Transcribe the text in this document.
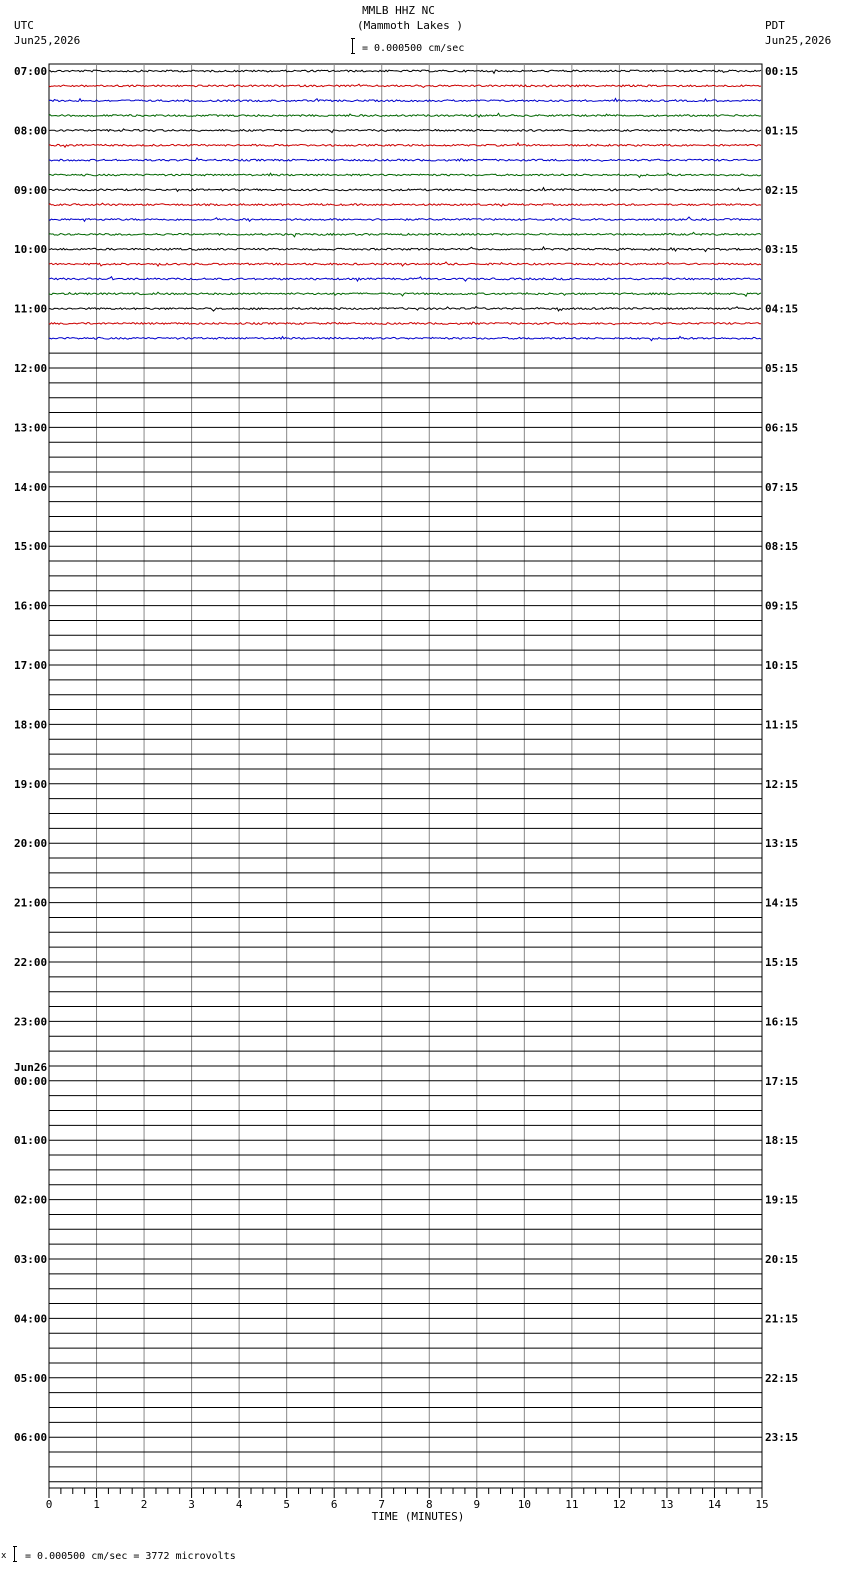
MMLB HHZ NC
(Mammoth Lakes )
UTC
Jun25,2026
PDT
Jun25,2026
= 0.000500 cm/sec
07:00
08:00
09:00
10:00
11:00
12:00
13:00
14:00
15:00
16:00
17:00
18:00
19:00
20:00
21:00
22:00
23:00
00:00
01:00
02:00
03:00
04:00
05:00
06:00
00:15
01:15
02:15
03:15
04:15
05:15
06:15
07:15
08:15
09:15
10:15
11:15
12:15
13:15
14:15
15:15
16:15
17:15
18:15
19:15
20:15
21:15
22:15
23:15
Jun26
0	1	2	3	4	5	6	7	8	9	10	11	12	13	14	15
TIME (MINUTES)
x = 0.000500 cm/sec = 3772 microvolts
